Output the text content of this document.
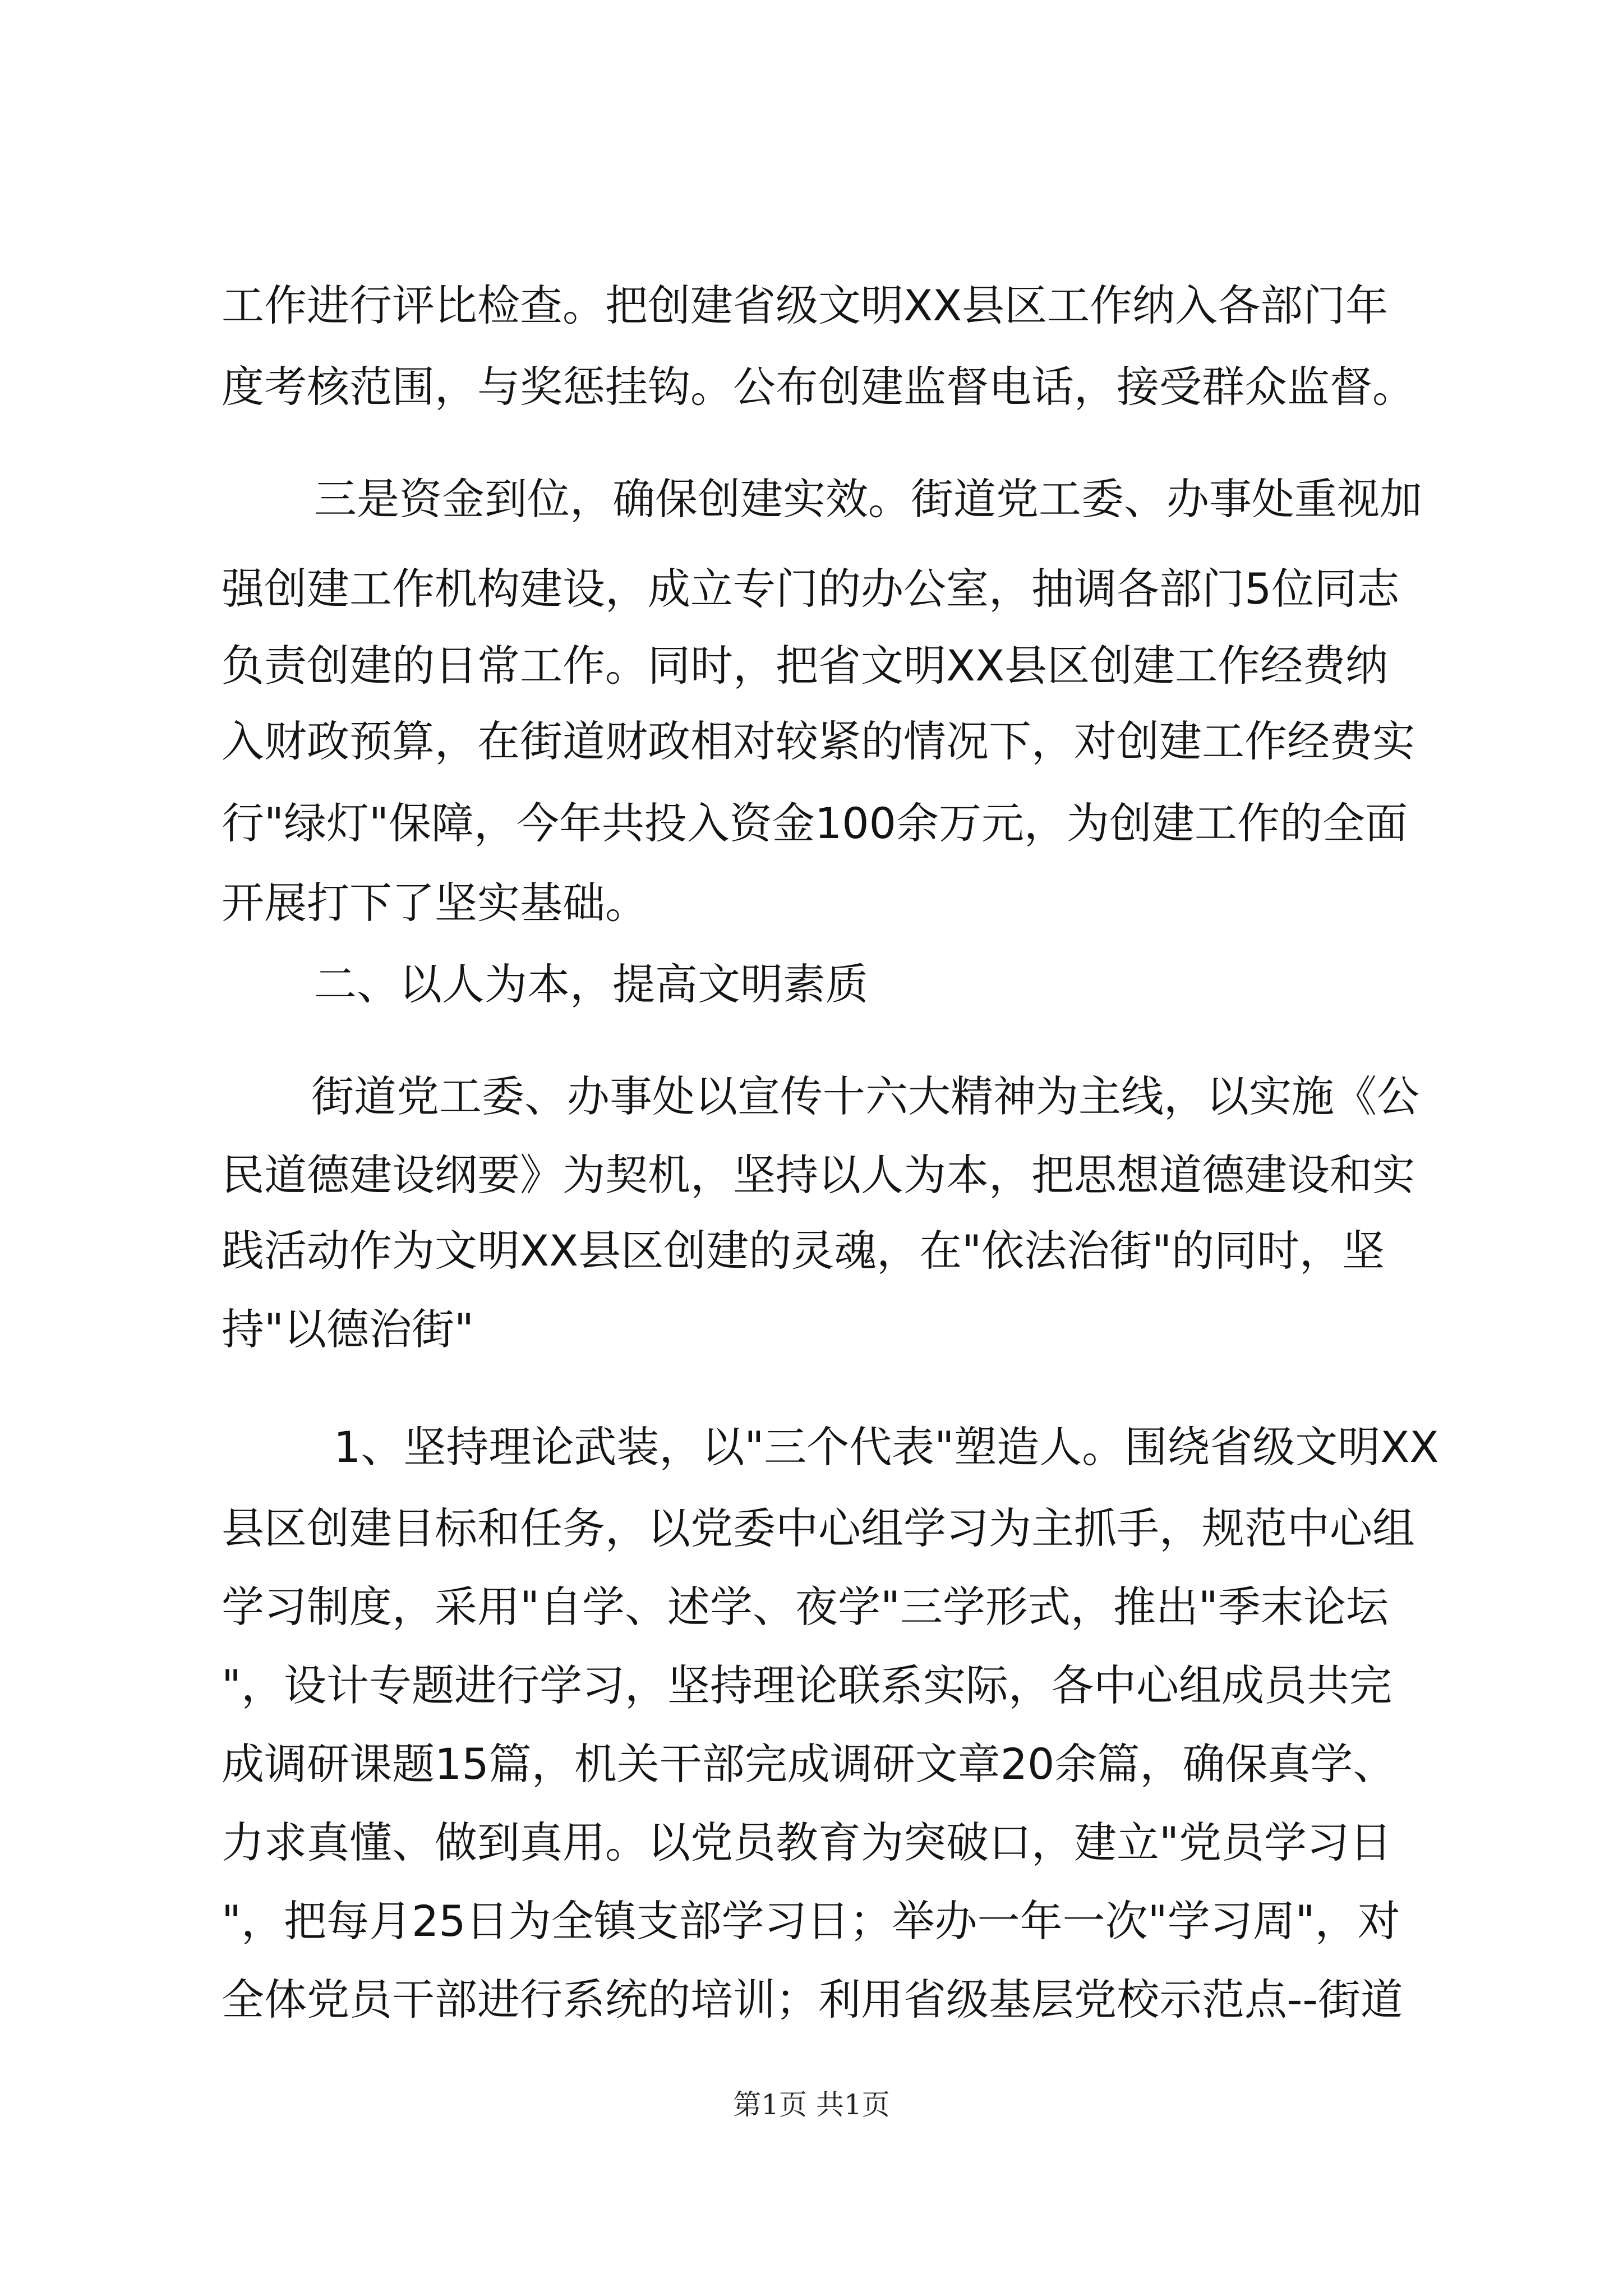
工作进行评比检查。把创建省级文明XX县区工作纳入各部门年
度考核范围，与奖惩挂钩。公布创建监督电话，接受群众监督。
三是资金到位，确保创建实效。街道党工委、办事处重视加
强创建工作机构建设，成立专门的办公室，抽调各部门5位同志
负责创建的日常工作。同时，把省文明XX县区创建工作经费纳
入财政预算，在街道财政相对较紧的情况下，对创建工作经费实
行"绿灯"保障，今年共投入资金100余万元，为创建工作的全面
开展打下了坚实基础。
二、以人为本，提高文明素质
街道党工委、办事处以宣传十六大精神为主线，以实施《公
民道德建设纲要》为契机，坚持以人为本，把思想道德建设和实
践活动作为文明XX县区创建的灵魂，在"依法治街"的同时，坚
持"以德治街"
1、坚持理论武装，以"三个代表"塑造人。围绕省级文明XX
县区创建目标和任务，以党委中心组学习为主抓手，规范中心组
学习制度，采用"自学、述学、夜学"三学形式，推出"季末论坛
"，设计专题进行学习，坚持理论联系实际，各中心组成员共完
成调研课题15篇，机关干部完成调研文章20余篇，确保真学、
力求真懂、做到真用。以党员教育为突破口，建立"党员学习日
"，把每月25日为全镇支部学习日；举办一年一次"学习周"，对
全体党员干部进行系统的培训；利用省级基层党校示范点--街道
第1页 共1页
